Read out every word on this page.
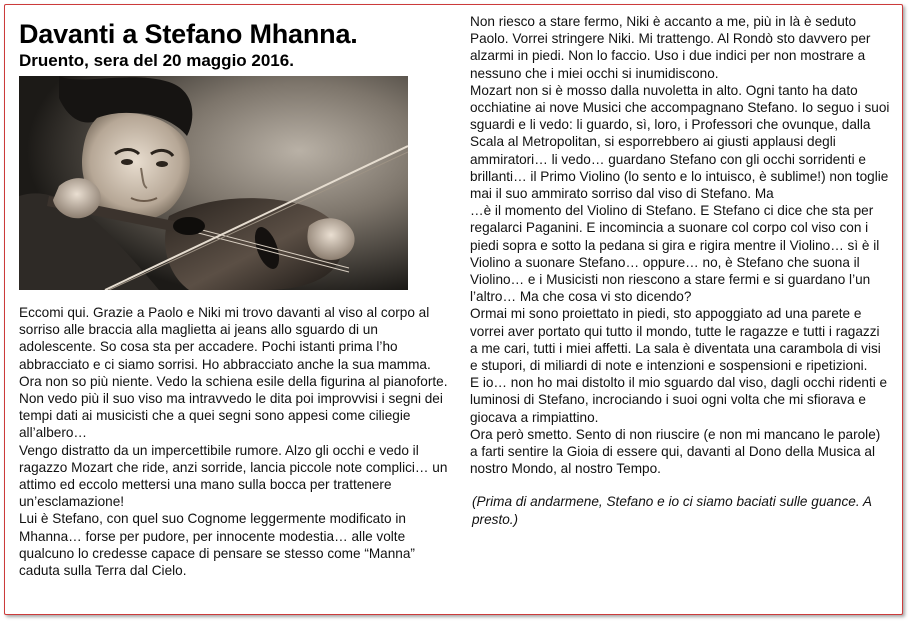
Davanti a Stefano Mhanna.
Druento, sera del 20 maggio 2016.

Eccomi qui. Grazie a Paolo e Niki mi trovo davanti al viso al corpo al sorriso alle braccia alla maglietta ai jeans allo sguardo di un adolescente. So cosa sta per accadere. Pochi istanti prima l’ho abbracciato e ci siamo sorrisi. Ho abbracciato anche la sua mamma.

Ora non so più niente. Vedo la schiena esile della figurina al pianoforte. Non vedo più il suo viso ma intravvedo le dita poi improvvisi i segni dei tempi dati ai musicisti che a quei segni sono appesi come ciliegie all’albero…

Vengo distratto da un impercettibile rumore. Alzo gli occhi e vedo il ragazzo Mozart che ride, anzi sorride, lancia piccole note complici… un attimo ed eccolo mettersi una mano sulla bocca per trattenere un’esclamazione!

Lui è Stefano, con quel suo Cognome leggermente modificato in Mhanna… forse per pudore, per innocente modestia… alle volte qualcuno lo credesse capace di pensare se stesso come “Manna” caduta sulla Terra dal Cielo.

Non riesco a stare fermo, Niki è accanto a me, più in là è seduto Paolo. Vorrei stringere Niki. Mi trattengo. Al Rondò sto davvero per alzarmi in piedi. Non lo faccio. Uso i due indici per non mostrare a nessuno che i miei occhi si inumidiscono.

Mozart non si è mosso dalla nuvoletta in alto. Ogni tanto ha dato occhiatine ai nove Musici che accompagnano Stefano. Io seguo i suoi sguardi e li vedo: li guardo, sì, loro, i Professori che ovunque, dalla Scala al Metropolitan, si esporrebbero ai giusti applausi degli ammiratori… li vedo… guardano Stefano con gli occhi sorridenti e brillanti… il Primo Violino (lo sento e lo intuisco, è sublime!) non toglie mai il suo ammirato sorriso dal viso di Stefano. Ma

…è il momento del Violino di Stefano. E Stefano ci dice che sta per regalarci Paganini. E incomincia a suonare col corpo col viso con i piedi sopra e sotto la pedana si gira e rigira mentre il Violino… sì è il Violino a suonare Stefano… oppure… no, è Stefano che suona il Violino… e i Musicisti non riescono a stare fermi e si guardano l’un l’altro… Ma che cosa vi sto dicendo?

Ormai mi sono proiettato in piedi, sto appoggiato ad una parete e vorrei aver portato qui tutto il mondo, tutte le ragazze e tutti i ragazzi a me cari, tutti i miei affetti. La sala è diventata una carambola di visi e stupori, di miliardi di note e intenzioni e sospensioni e ripetizioni.

E io… non ho mai distolto il mio sguardo dal viso, dagli occhi ridenti e luminosi di Stefano, incrociando i suoi ogni volta che mi sfiorava e giocava a rimpiattino.

Ora però smetto. Sento di non riuscire (e non mi mancano le parole) a farti sentire la Gioia di essere qui, davanti al Dono della Musica al nostro Mondo, al nostro Tempo.

(Prima di andarmene, Stefano e io ci siamo baciati sulle guance. A presto.)
